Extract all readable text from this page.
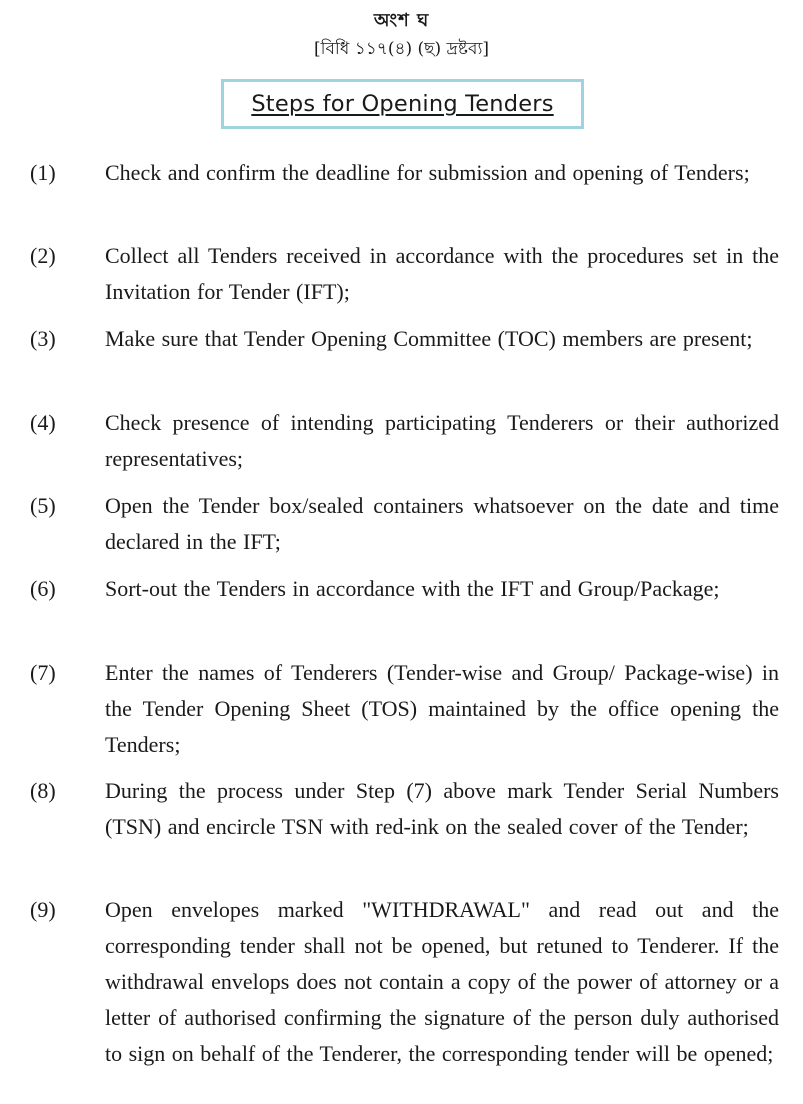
অংশ ঘ
[বিধি ১১৭(৪) (ছ) দ্রষ্টব্য]
Steps for Opening Tenders
(1) Check and confirm the deadline for submission and opening of Tenders;
(2) Collect all Tenders received in accordance with the procedures set in the Invitation for Tender (IFT);
(3) Make sure that Tender Opening Committee (TOC) members are present;
(4) Check presence of intending participating Tenderers or their authorized representatives;
(5) Open the Tender box/sealed containers whatsoever on the date and time declared in the IFT;
(6) Sort-out the Tenders in accordance with the IFT and Group/Package;
(7) Enter the names of Tenderers (Tender-wise and Group/ Package-wise) in the Tender Opening Sheet (TOS) maintained by the office opening the Tenders;
(8) During the process under Step (7) above mark Tender Serial Numbers (TSN) and encircle TSN with red-ink on the sealed cover of the Tender;
(9) Open envelopes marked "WITHDRAWAL" and read out and the corresponding tender shall not be opened, but retuned to Tenderer. If the withdrawal envelops does not contain a copy of the power of attorney or a letter of authorised confirming the signature of the person duly authorised to sign on behalf of the Tenderer, the corresponding tender will be opened;
